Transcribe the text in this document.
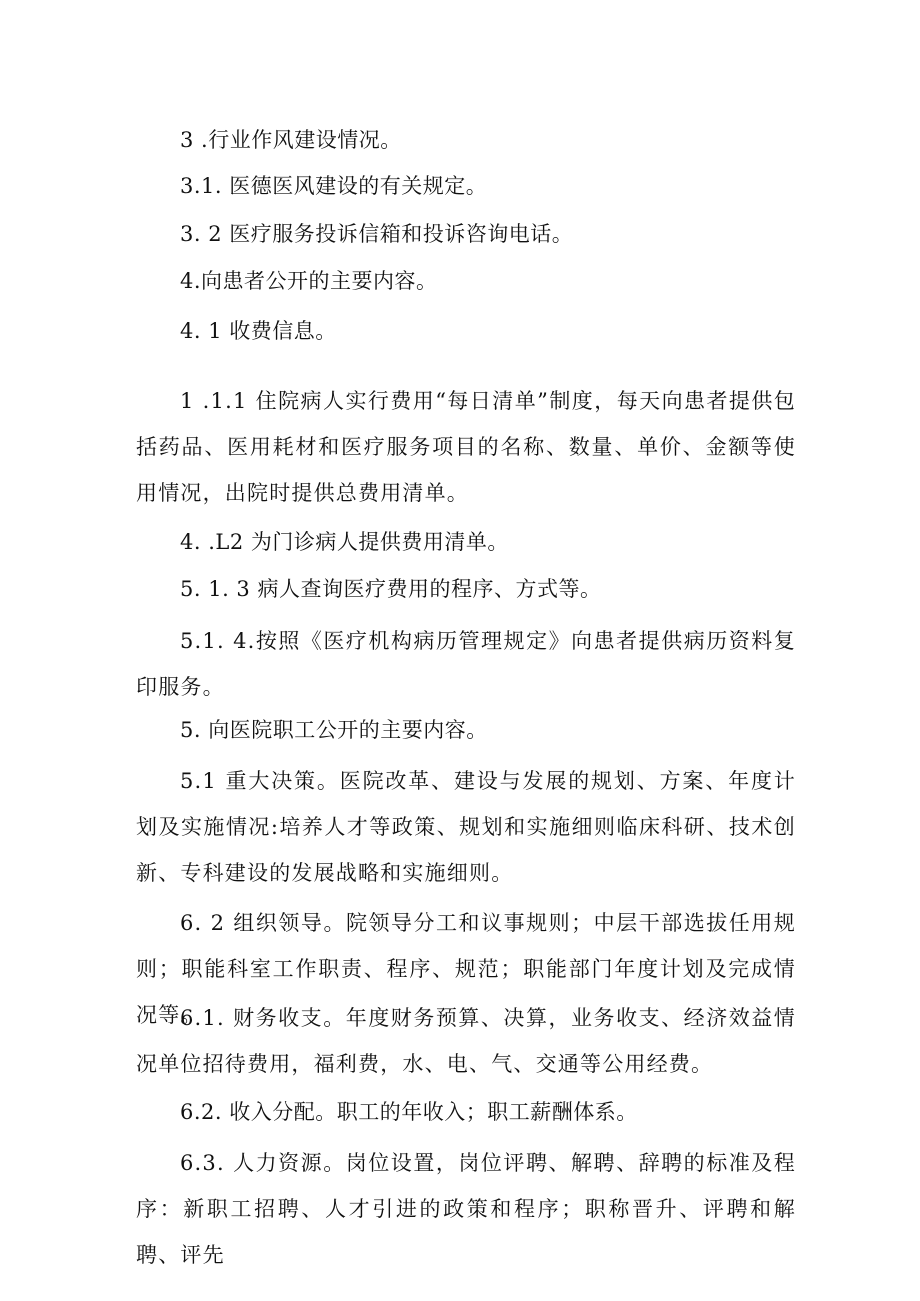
3 .行业作风建设情况。
3.1. 医德医风建设的有关规定。
3. 2 医疗服务投诉信箱和投诉咨询电话。
4.向患者公开的主要内容。
4. 1 收费信息。
1 .1.1 住院病人实行费用“每日清单”制度，每天向患者提供包括药品、医用耗材和医疗服务项目的名称、数量、单价、金额等使用情况，出院时提供总费用清单。
4. .L2 为门诊病人提供费用清单。
5. 1. 3 病人查询医疗费用的程序、方式等。
5.1. 4.按照《医疗机构病历管理规定》向患者提供病历资料复印服务。
5. 向医院职工公开的主要内容。
5.1 重大决策。医院改革、建设与发展的规划、方案、年度计划及实施情况:培养人才等政策、规划和实施细则临床科研、技术创新、专科建设的发展战略和实施细则。
6. 2 组织领导。院领导分工和议事规则；中层干部选拔任用规则；职能科室工作职责、程序、规范；职能部门年度计划及完成情况等。
6.1. 财务收支。年度财务预算、决算，业务收支、经济效益情况单位招待费用，福利费，水、电、气、交通等公用经费。
6.2. 收入分配。职工的年收入；职工薪酬体系。
6.3. 人力资源。岗位设置，岗位评聘、解聘、辞聘的标准及程序：新职工招聘、人才引进的政策和程序；职称晋升、评聘和解聘、评先
